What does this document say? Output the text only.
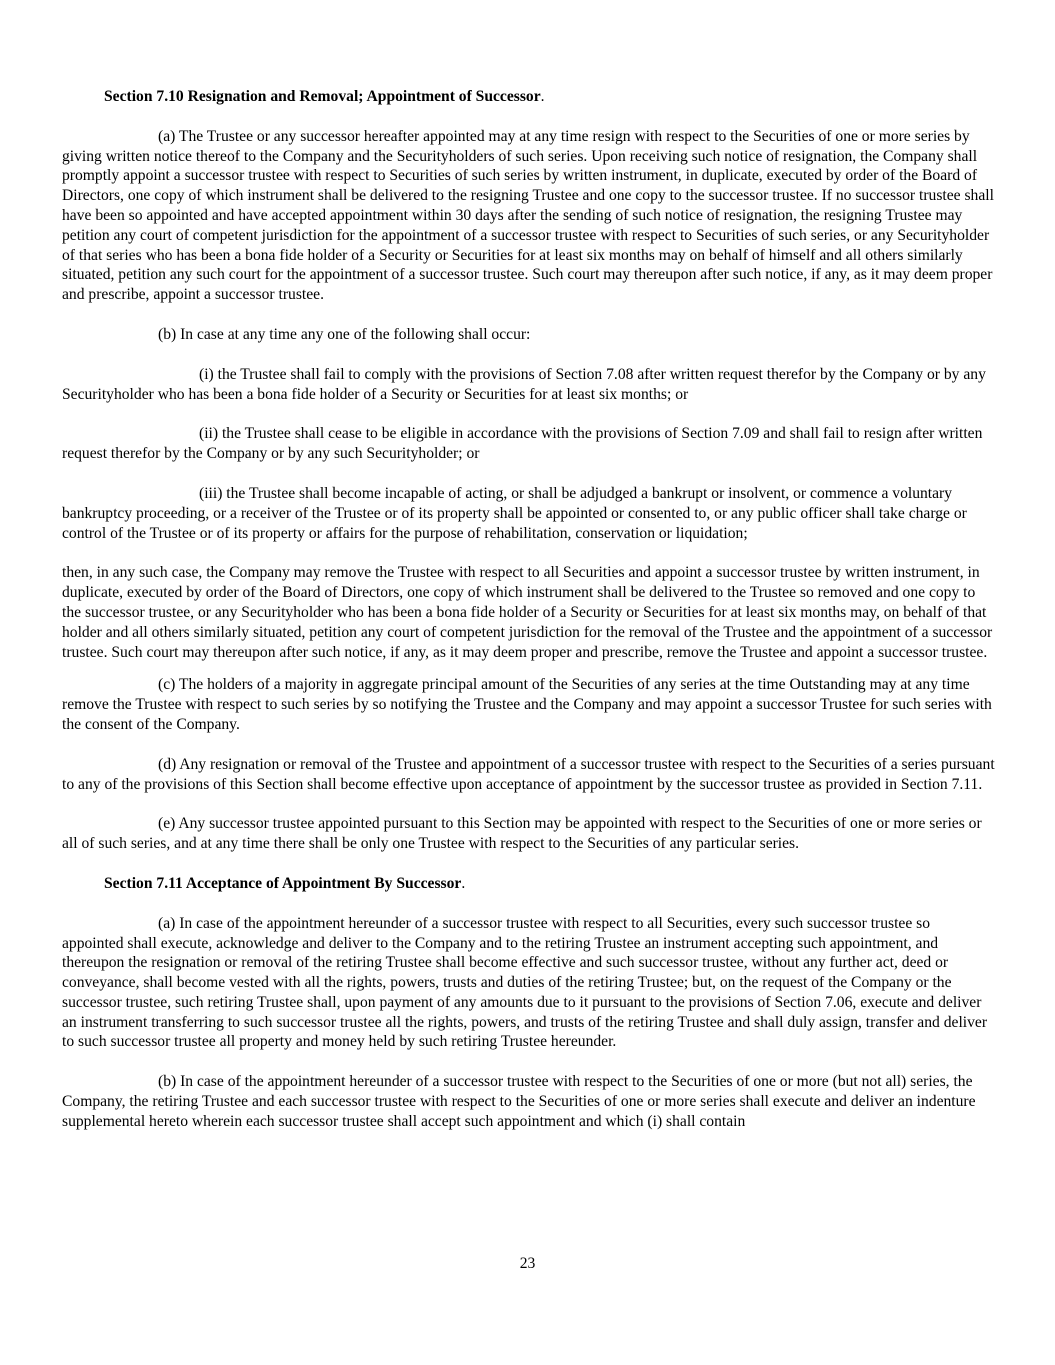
Section 7.10 Resignation and Removal; Appointment of Successor.

(a) The Trustee or any successor hereafter appointed may at any time resign with respect to the Securities of one or more series by giving written notice thereof to the Company and the Securityholders of such series. Upon receiving such notice of resignation, the Company shall promptly appoint a successor trustee with respect to Securities of such series by written instrument, in duplicate, executed by order of the Board of Directors, one copy of which instrument shall be delivered to the resigning Trustee and one copy to the successor trustee. If no successor trustee shall have been so appointed and have accepted appointment within 30 days after the sending of such notice of resignation, the resigning Trustee may petition any court of competent jurisdiction for the appointment of a successor trustee with respect to Securities of such series, or any Securityholder of that series who has been a bona fide holder of a Security or Securities for at least six months may on behalf of himself and all others similarly situated, petition any such court for the appointment of a successor trustee. Such court may thereupon after such notice, if any, as it may deem proper and prescribe, appoint a successor trustee.

(b) In case at any time any one of the following shall occur:

(i) the Trustee shall fail to comply with the provisions of Section 7.08 after written request therefor by the Company or by any Securityholder who has been a bona fide holder of a Security or Securities for at least six months; or

(ii) the Trustee shall cease to be eligible in accordance with the provisions of Section 7.09 and shall fail to resign after written request therefor by the Company or by any such Securityholder; or

(iii) the Trustee shall become incapable of acting, or shall be adjudged a bankrupt or insolvent, or commence a voluntary bankruptcy proceeding, or a receiver of the Trustee or of its property shall be appointed or consented to, or any public officer shall take charge or control of the Trustee or of its property or affairs for the purpose of rehabilitation, conservation or liquidation;

then, in any such case, the Company may remove the Trustee with respect to all Securities and appoint a successor trustee by written instrument, in duplicate, executed by order of the Board of Directors, one copy of which instrument shall be delivered to the Trustee so removed and one copy to the successor trustee, or any Securityholder who has been a bona fide holder of a Security or Securities for at least six months may, on behalf of that holder and all others similarly situated, petition any court of competent jurisdiction for the removal of the Trustee and the appointment of a successor trustee. Such court may thereupon after such notice, if any, as it may deem proper and prescribe, remove the Trustee and appoint a successor trustee.

(c) The holders of a majority in aggregate principal amount of the Securities of any series at the time Outstanding may at any time remove the Trustee with respect to such series by so notifying the Trustee and the Company and may appoint a successor Trustee for such series with the consent of the Company.

(d) Any resignation or removal of the Trustee and appointment of a successor trustee with respect to the Securities of a series pursuant to any of the provisions of this Section shall become effective upon acceptance of appointment by the successor trustee as provided in Section 7.11.

(e) Any successor trustee appointed pursuant to this Section may be appointed with respect to the Securities of one or more series or all of such series, and at any time there shall be only one Trustee with respect to the Securities of any particular series.

Section 7.11 Acceptance of Appointment By Successor.

(a) In case of the appointment hereunder of a successor trustee with respect to all Securities, every such successor trustee so appointed shall execute, acknowledge and deliver to the Company and to the retiring Trustee an instrument accepting such appointment, and thereupon the resignation or removal of the retiring Trustee shall become effective and such successor trustee, without any further act, deed or conveyance, shall become vested with all the rights, powers, trusts and duties of the retiring Trustee; but, on the request of the Company or the successor trustee, such retiring Trustee shall, upon payment of any amounts due to it pursuant to the provisions of Section 7.06, execute and deliver an instrument transferring to such successor trustee all the rights, powers, and trusts of the retiring Trustee and shall duly assign, transfer and deliver to such successor trustee all property and money held by such retiring Trustee hereunder.

(b) In case of the appointment hereunder of a successor trustee with respect to the Securities of one or more (but not all) series, the Company, the retiring Trustee and each successor trustee with respect to the Securities of one or more series shall execute and deliver an indenture supplemental hereto wherein each successor trustee shall accept such appointment and which (i) shall contain

23
